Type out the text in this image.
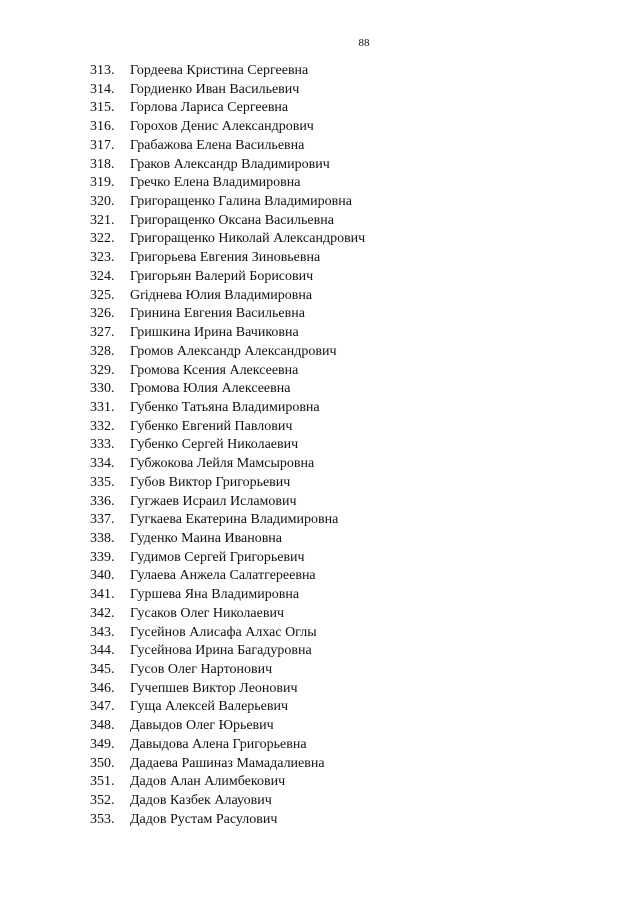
88
313.	Гордеева Кристина Сергеевна
314.	Гордиенко Иван Васильевич
315.	Горлова Лариса Сергеевна
316.	Горохов Денис Александрович
317.	Грабажова Елена Васильевна
318.	Граков Александр Владимирович
319.	Гречко Елена Владимировна
320.	Григоращенко Галина Владимировна
321.	Григоращенко Оксана Васильевна
322.	Григоращенко Николай Александрович
323.	Григорьева Евгения Зиновьевна
324.	Григорьян Валерий Борисович
325.	Griднева Юлия Владимировна
326.	Гринина Евгения Васильевна
327.	Гришкина Ирина Вачиковна
328.	Громов Александр Александрович
329.	Громова Ксения Алексеевна
330.	Громова Юлия Алексеевна
331.	Губенко Татьяна Владимировна
332.	Губенко Евгений Павлович
333.	Губенко Сергей Николаевич
334.	Губжокова Лейля Мамсыровна
335.	Губов Виктор Григорьевич
336.	Гугжаев Исраил Исламович
337.	Гугкаева Екатерина Владимировна
338.	Гуденко Маина Ивановна
339.	Гудимов Сергей Григорьевич
340.	Гулаева Анжела Салатгереевна
341.	Гуршева Яна Владимировна
342.	Гусаков Олег Николаевич
343.	Гусейнов Алисафа Алхас Оглы
344.	Гусейнова Ирина Багадуровна
345.	Гусов Олег Нартонович
346.	Гучепшев Виктор Леонович
347.	Гуща Алексей Валерьевич
348.	Давыдов Олег Юрьевич
349.	Давыдова Алена Григорьевна
350.	Дадаева Рашиназ Мамадалиевна
351.	Дадов Алан Алимбекович
352.	Дадов Казбек Алауович
353.	Дадов Рустам Расулович
